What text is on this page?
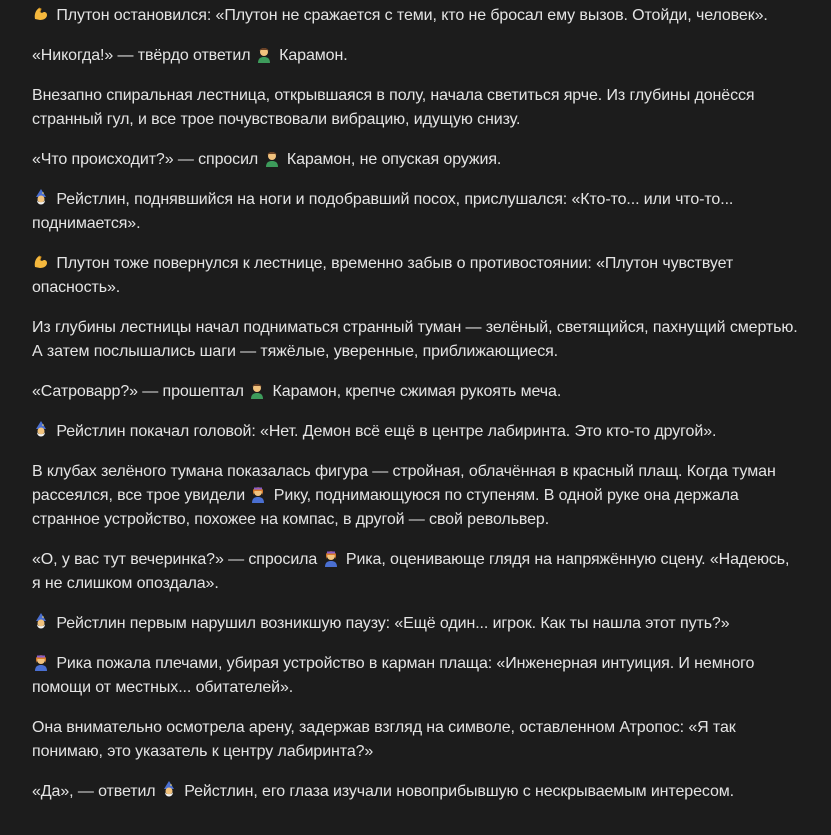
Плутон остановился: «Плутон не сражается с теми, кто не бросал ему вызов. Отойди, человек».

«Никогда!» — твёрдо ответил
Карамон.

Внезапно спиральная лестница, открывшаяся в полу, начала светиться ярче. Из глубины донёсся странный гул, и все трое почувствовали вибрацию, идущую снизу.

«Что происходит?» — спросил
Карамон, не опуская оружия.

Рейстлин, поднявшийся на ноги и подобравший посох, прислушался: «Кто-то... или что-то... поднимается».

Плутон тоже повернулся к лестнице, временно забыв о противостоянии: «Плутон чувствует опасность».

Из глубины лестницы начал подниматься странный туман — зелёный, светящийся, пахнущий смертью. А затем послышались шаги — тяжёлые, уверенные, приближающиеся.

«Сатроварр?» — прошептал
Карамон, крепче сжимая рукоять меча.

Рейстлин покачал головой: «Нет. Демон всё ещё в центре лабиринта. Это кто-то другой».

В клубах зелёного тумана показалась фигура — стройная, облачённая в красный плащ. Когда туман рассеялся, все трое увидели
Рику, поднимающуюся по ступеням. В одной руке она держала странное устройство, похожее на компас, в другой — свой револьвер.

«О, у вас тут вечеринка?» — спросила
Рика, оценивающе глядя на напряжённую сцену. «Надеюсь, я не слишком опоздала».

Рейстлин первым нарушил возникшую паузу: «Ещё один... игрок. Как ты нашла этот путь?»

Рика пожала плечами, убирая устройство в карман плаща: «Инженерная интуиция. И немного помощи от местных... обитателей».

Она внимательно осмотрела арену, задержав взгляд на символе, оставленном Атропос: «Я так понимаю, это указатель к центру лабиринта?»

«Да», — ответил
Рейстлин, его глаза изучали новоприбывшую с нескрываемым интересом.
